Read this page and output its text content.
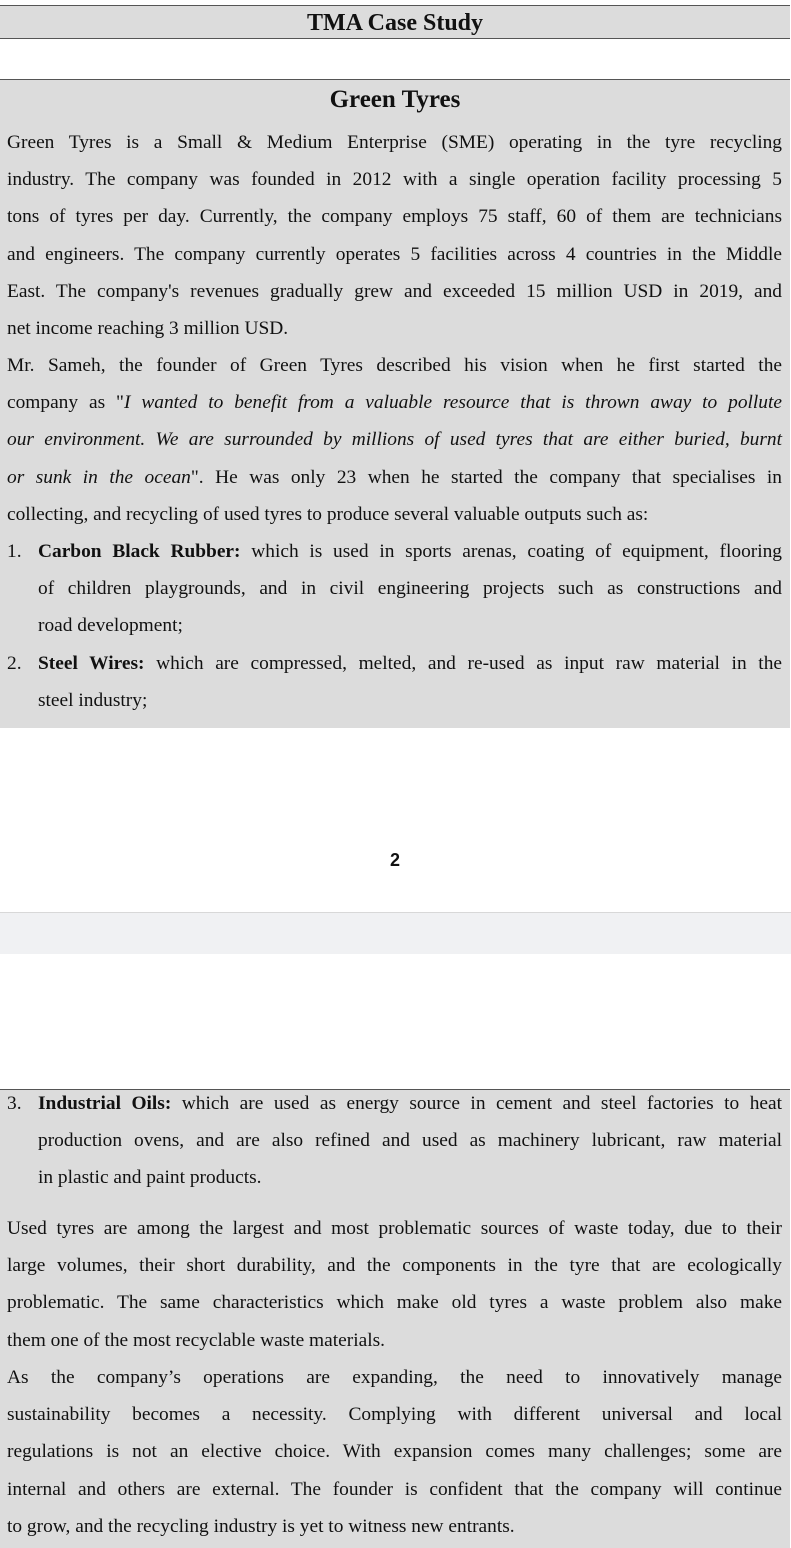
TMA Case Study
Green Tyres
Green Tyres is a Small & Medium Enterprise (SME) operating in the tyre recycling
industry. The company was founded in 2012 with a single operation facility processing 5
tons of tyres per day. Currently, the company employs 75 staff, 60 of them are technicians
and engineers. The company currently operates 5 facilities across 4 countries in the Middle
East. The company's revenues gradually grew and exceeded 15 million USD in 2019, and
net income reaching 3 million USD.
Mr. Sameh, the founder of Green Tyres described his vision when he first started the
company as "I wanted to benefit from a valuable resource that is thrown away to pollute
our environment. We are surrounded by millions of used tyres that are either buried, burnt
or sunk in the ocean". He was only 23 when he started the company that specialises in
collecting, and recycling of used tyres to produce several valuable outputs such as:
1. Carbon Black Rubber: which is used in sports arenas, coating of equipment, flooring
of children playgrounds, and in civil engineering projects such as constructions and
road development;
2. Steel Wires: which are compressed, melted, and re-used as input raw material in the
steel industry;
2
3. Industrial Oils: which are used as energy source in cement and steel factories to heat
production ovens, and are also refined and used as machinery lubricant, raw material
in plastic and paint products.
Used tyres are among the largest and most problematic sources of waste today, due to their
large volumes, their short durability, and the components in the tyre that are ecologically
problematic. The same characteristics which make old tyres a waste problem also make
them one of the most recyclable waste materials.
As the company’s operations are expanding, the need to innovatively manage
sustainability becomes a necessity. Complying with different universal and local
regulations is not an elective choice. With expansion comes many challenges; some are
internal and others are external. The founder is confident that the company will continue
to grow, and the recycling industry is yet to witness new entrants.
